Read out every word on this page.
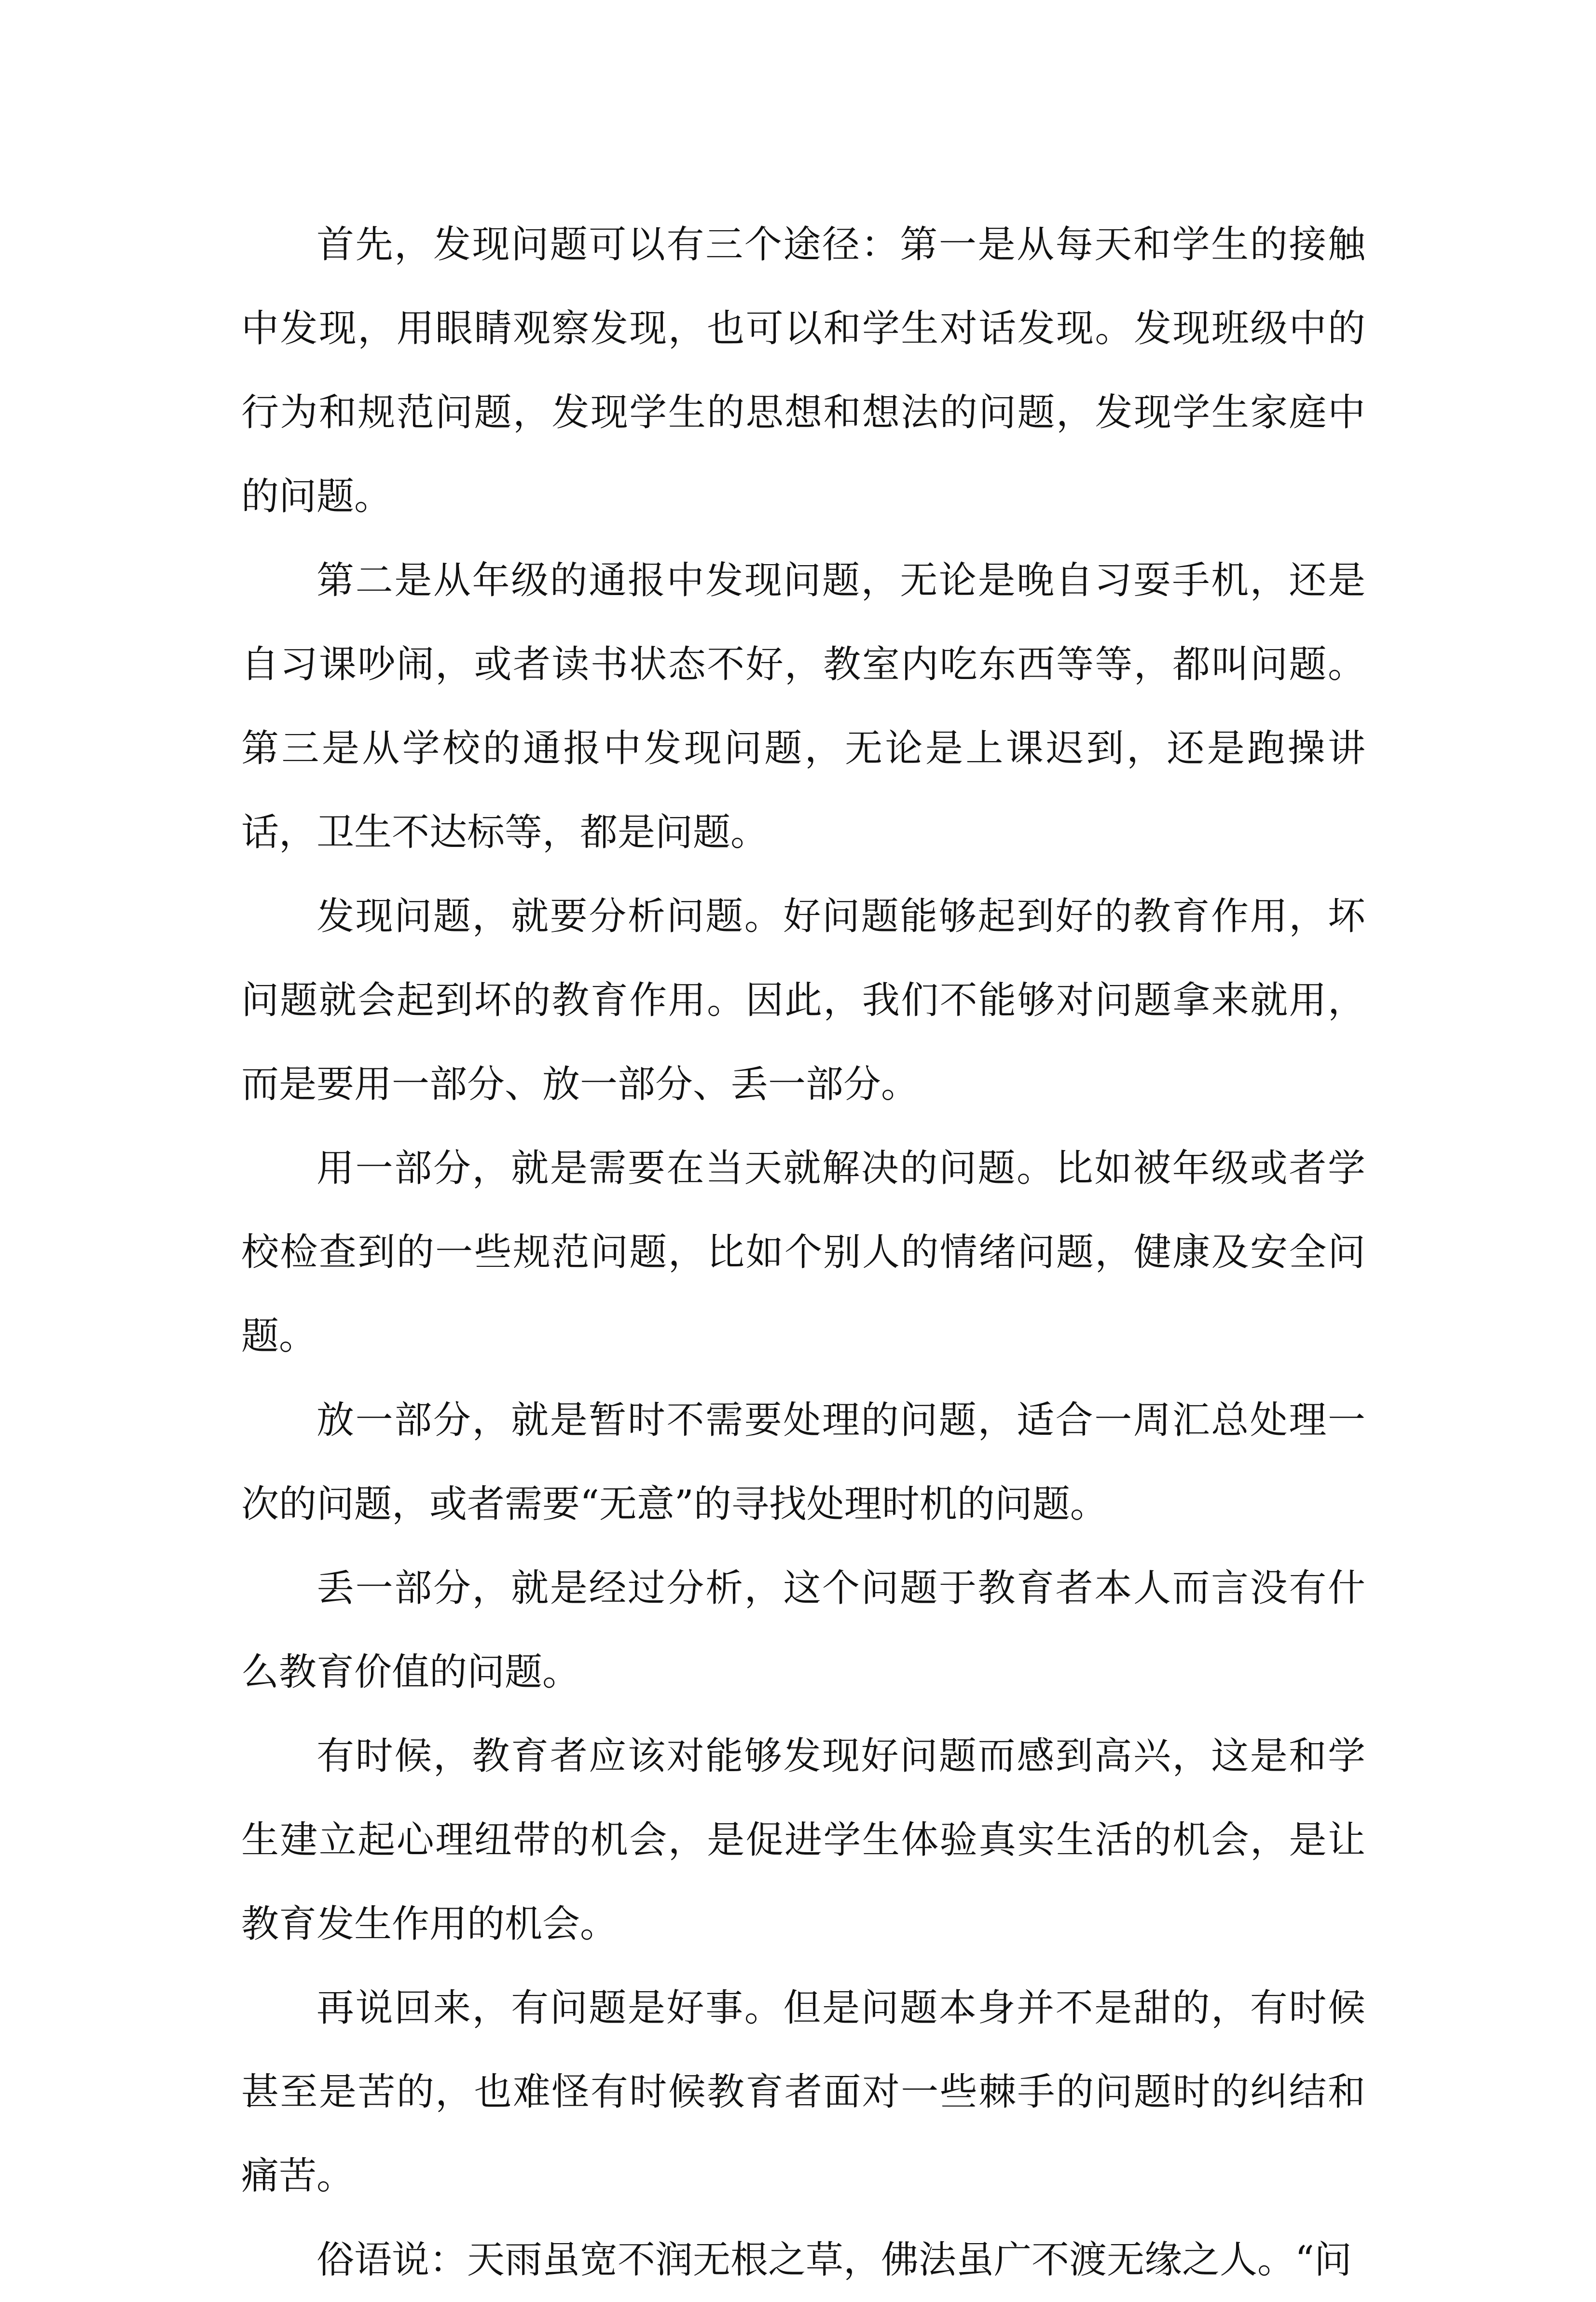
首先，发现问题可以有三个途径：第一是从每天和学生的接触中发现，用眼睛观察发现，也可以和学生对话发现。发现班级中的行为和规范问题，发现学生的思想和想法的问题，发现学生家庭中的问题。

第二是从年级的通报中发现问题，无论是晚自习耍手机，还是自习课吵闹，或者读书状态不好，教室内吃东西等等，都叫问题。第三是从学校的通报中发现问题，无论是上课迟到，还是跑操讲话，卫生不达标等，都是问题。

发现问题，就要分析问题。好问题能够起到好的教育作用，坏问题就会起到坏的教育作用。因此，我们不能够对问题拿来就用，而是要用一部分、放一部分、丢一部分。

用一部分，就是需要在当天就解决的问题。比如被年级或者学校检查到的一些规范问题，比如个别人的情绪问题，健康及安全问题。

放一部分，就是暂时不需要处理的问题，适合一周汇总处理一次的问题，或者需要“无意”的寻找处理时机的问题。

丢一部分，就是经过分析，这个问题于教育者本人而言没有什么教育价值的问题。

有时候，教育者应该对能够发现好问题而感到高兴，这是和学生建立起心理纽带的机会，是促进学生体验真实生活的机会，是让教育发生作用的机会。

再说回来，有问题是好事。但是问题本身并不是甜的，有时候甚至是苦的，也难怪有时候教育者面对一些棘手的问题时的纠结和痛苦。

俗语说：天雨虽宽不润无根之草，佛法虽广不渡无缘之人。“问
